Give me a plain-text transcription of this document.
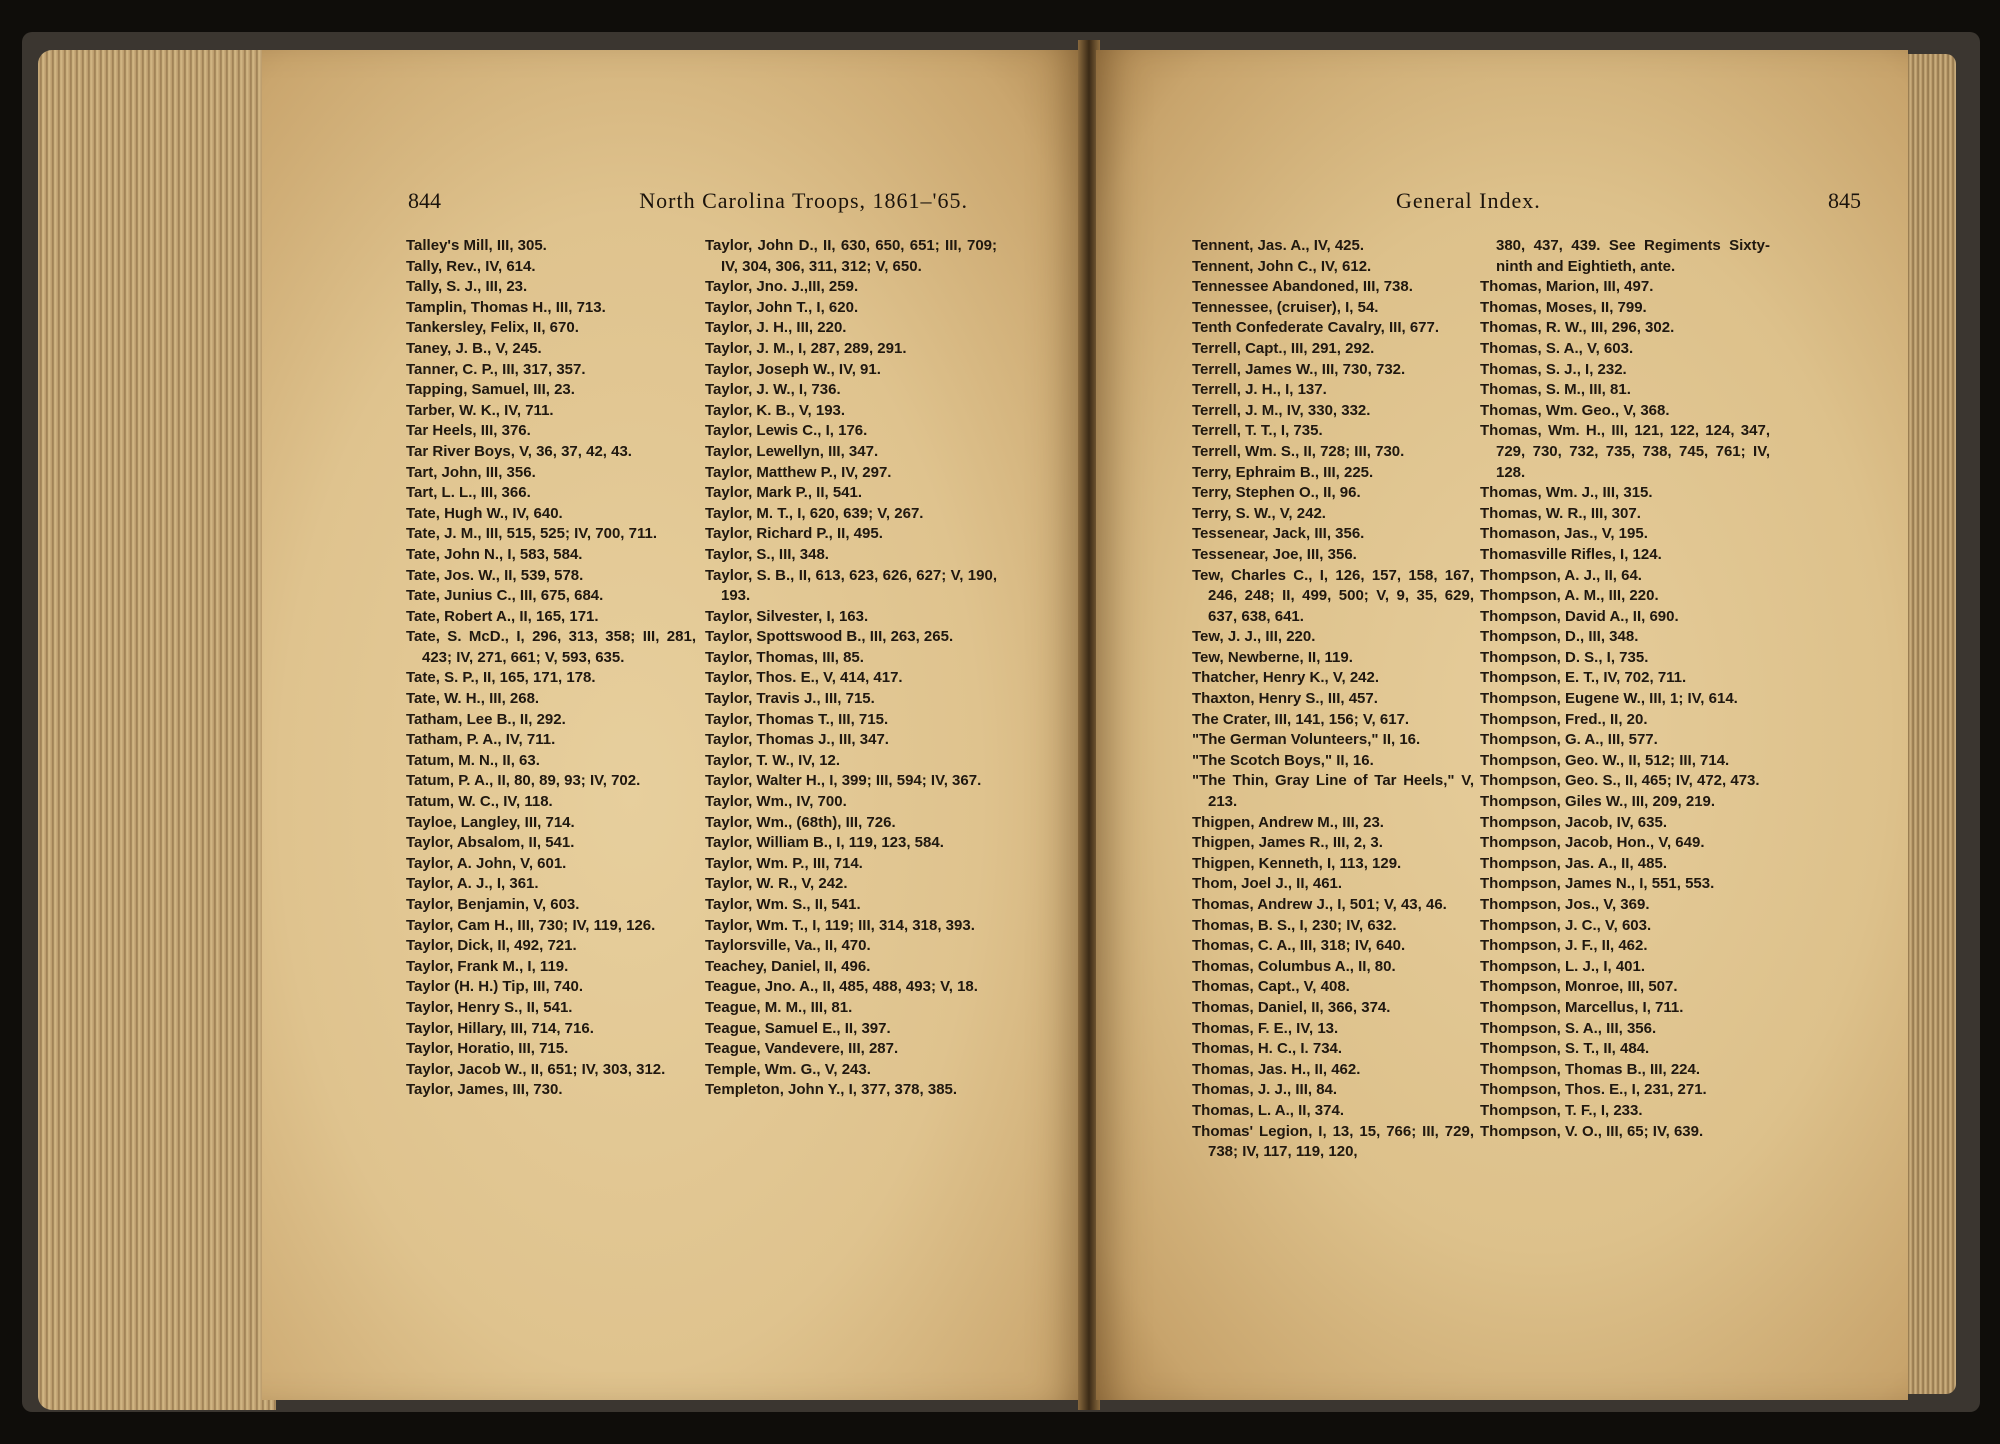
844	North Carolina Troops, 1861–'65.
Talley's Mill, III, 305.
Tally, Rev., IV, 614.
Tally, S. J., III, 23.
Tamplin, Thomas H., III, 713.
Tankersley, Felix, II, 670.
Taney, J. B., V, 245.
Tanner, C. P., III, 317, 357.
Tapping, Samuel, III, 23.
Tarber, W. K., IV, 711.
Tar Heels, III, 376.
Tar River Boys, V, 36, 37, 42, 43.
Tart, John, III, 356.
Tart, L. L., III, 366.
Tate, Hugh W., IV, 640.
Tate, J. M., III, 515, 525; IV, 700, 711.
Tate, John N., I, 583, 584.
Tate, Jos. W., II, 539, 578.
Tate, Junius C., III, 675, 684.
Tate, Robert A., II, 165, 171.
Tate, S. McD., I, 296, 313, 358; III, 281, 423; IV, 271, 661; V, 593, 635.
Tate, S. P., II, 165, 171, 178.
Tate, W. H., III, 268.
Tatham, Lee B., II, 292.
Tatham, P. A., IV, 711.
Tatum, M. N., II, 63.
Tatum, P. A., II, 80, 89, 93; IV, 702.
Tatum, W. C., IV, 118.
Tayloe, Langley, III, 714.
Taylor, Absalom, II, 541.
Taylor, A. John, V, 601.
Taylor, A. J., I, 361.
Taylor, Benjamin, V, 603.
Taylor, Cam H., III, 730; IV, 119, 126.
Taylor, Dick, II, 492, 721.
Taylor, Frank M., I, 119.
Taylor (H. H.) Tip, III, 740.
Taylor, Henry S., II, 541.
Taylor, Hillary, III, 714, 716.
Taylor, Horatio, III, 715.
Taylor, Jacob W., II, 651; IV, 303, 312.
Taylor, James, III, 730.
Taylor, John D., II, 630, 650, 651; III, 709; IV, 304, 306, 311, 312; V, 650.
Taylor, Jno. J.,III, 259.
Taylor, John T., I, 620.
Taylor, J. H., III, 220.
Taylor, J. M., I, 287, 289, 291.
Taylor, Joseph W., IV, 91.
Taylor, J. W., I, 736.
Taylor, K. B., V, 193.
Taylor, Lewis C., I, 176.
Taylor, Lewellyn, III, 347.
Taylor, Matthew P., IV, 297.
Taylor, Mark P., II, 541.
Taylor, M. T., I, 620, 639; V, 267.
Taylor, Richard P., II, 495.
Taylor, S., III, 348.
Taylor, S. B., II, 613, 623, 626, 627; V, 190, 193.
Taylor, Silvester, I, 163.
Taylor, Spottswood B., III, 263, 265.
Taylor, Thomas, III, 85.
Taylor, Thos. E., V, 414, 417.
Taylor, Travis J., III, 715.
Taylor, Thomas T., III, 715.
Taylor, Thomas J., III, 347.
Taylor, T. W., IV, 12.
Taylor, Walter H., I, 399; III, 594; IV, 367.
Taylor, Wm., IV, 700.
Taylor, Wm., (68th), III, 726.
Taylor, William B., I, 119, 123, 584.
Taylor, Wm. P., III, 714.
Taylor, W. R., V, 242.
Taylor, Wm. S., II, 541.
Taylor, Wm. T., I, 119; III, 314, 318, 393.
Taylorsville, Va., II, 470.
Teachey, Daniel, II, 496.
Teague, Jno. A., II, 485, 488, 493; V, 18.
Teague, M. M., III, 81.
Teague, Samuel E., II, 397.
Teague, Vandevere, III, 287.
Temple, Wm. G., V, 243.
Templeton, John Y., I, 377, 378, 385.
General Index.	845
Tennent, Jas. A., IV, 425.
Tennent, John C., IV, 612.
Tennessee Abandoned, III, 738.
Tennessee, (cruiser), I, 54.
Tenth Confederate Cavalry, III, 677.
Terrell, Capt., III, 291, 292.
Terrell, James W., III, 730, 732.
Terrell, J. H., I, 137.
Terrell, J. M., IV, 330, 332.
Terrell, T. T., I, 735.
Terrell, Wm. S., II, 728; III, 730.
Terry, Ephraim B., III, 225.
Terry, Stephen O., II, 96.
Terry, S. W., V, 242.
Tessenear, Jack, III, 356.
Tessenear, Joe, III, 356.
Tew, Charles C., I, 126, 157, 158, 167, 246, 248; II, 499, 500; V, 9, 35, 629, 637, 638, 641.
Tew, J. J., III, 220.
Tew, Newberne, II, 119.
Thatcher, Henry K., V, 242.
Thaxton, Henry S., III, 457.
The Crater, III, 141, 156; V, 617.
"The German Volunteers," II, 16.
"The Scotch Boys," II, 16.
"The Thin, Gray Line of Tar Heels," V, 213.
Thigpen, Andrew M., III, 23.
Thigpen, James R., III, 2, 3.
Thigpen, Kenneth, I, 113, 129.
Thom, Joel J., II, 461.
Thomas, Andrew J., I, 501; V, 43, 46.
Thomas, B. S., I, 230; IV, 632.
Thomas, C. A., III, 318; IV, 640.
Thomas, Columbus A., II, 80.
Thomas, Capt., V, 408.
Thomas, Daniel, II, 366, 374.
Thomas, F. E., IV, 13.
Thomas, H. C., I. 734.
Thomas, Jas. H., II, 462.
Thomas, J. J., III, 84.
Thomas, L. A., II, 374.
Thomas' Legion, I, 13, 15, 766; III, 729, 738; IV, 117, 119, 120,
380, 437, 439. See Regiments Sixty-ninth and Eightieth, ante.
Thomas, Marion, III, 497.
Thomas, Moses, II, 799.
Thomas, R. W., III, 296, 302.
Thomas, S. A., V, 603.
Thomas, S. J., I, 232.
Thomas, S. M., III, 81.
Thomas, Wm. Geo., V, 368.
Thomas, Wm. H., III, 121, 122, 124, 347, 729, 730, 732, 735, 738, 745, 761; IV, 128.
Thomas, Wm. J., III, 315.
Thomas, W. R., III, 307.
Thomason, Jas., V, 195.
Thomasville Rifles, I, 124.
Thompson, A. J., II, 64.
Thompson, A. M., III, 220.
Thompson, David A., II, 690.
Thompson, D., III, 348.
Thompson, D. S., I, 735.
Thompson, E. T., IV, 702, 711.
Thompson, Eugene W., III, 1; IV, 614.
Thompson, Fred., II, 20.
Thompson, G. A., III, 577.
Thompson, Geo. W., II, 512; III, 714.
Thompson, Geo. S., II, 465; IV, 472, 473.
Thompson, Giles W., III, 209, 219.
Thompson, Jacob, IV, 635.
Thompson, Jacob, Hon., V, 649.
Thompson, Jas. A., II, 485.
Thompson, James N., I, 551, 553.
Thompson, Jos., V, 369.
Thompson, J. C., V, 603.
Thompson, J. F., II, 462.
Thompson, L. J., I, 401.
Thompson, Monroe, III, 507.
Thompson, Marcellus, I, 711.
Thompson, S. A., III, 356.
Thompson, S. T., II, 484.
Thompson, Thomas B., III, 224.
Thompson, Thos. E., I, 231, 271.
Thompson, T. F., I, 233.
Thompson, V. O., III, 65; IV, 639.
